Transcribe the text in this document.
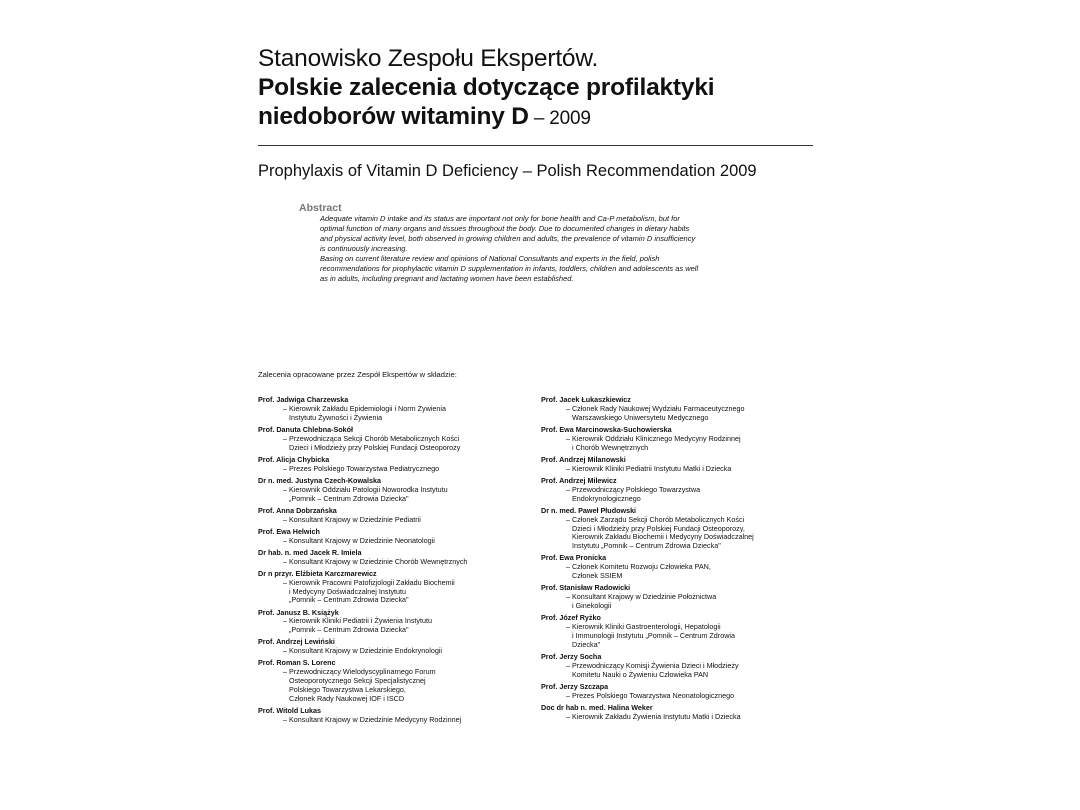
Stanowisko Zespołu Ekspertów.
Polskie zalecenia dotyczące profilaktyki
niedoborów witaminy D – 2009
Prophylaxis of Vitamin D Deficiency – Polish Recommendation 2009
Abstract

Adequate vitamin D intake and its status are important not only for bone health and Ca-P metabolism, but for

optimal function of many organs and tissues throughout the body. Due to documented changes in dietary habits

and physical activity level, both observed in growing children and adults, the prevalence of vitamin D insufficiency

is continuously increasing.

Basing on current literature review and opinions of National Consultants and experts in the field, polish

recommendations for prophylactic vitamin D supplementation in infants, toddlers, children and adolescents as well

as in adults, including pregnant and lactating women have been established.

Zalecenia opracowane przez Zespół Ekspertów w składzie:
Prof. Jadwiga Charzewska
– Kierownik Zakładu Epidemiologii i Norm Żywienia
Instytutu Żywności i Żywienia
Prof. Danuta Chlebna-Sokół
– Przewodnicząca Sekcji Chorób Metabolicznych Kości
Dzieci i Młodzieży przy Polskiej Fundacji Osteoporozy
Prof. Alicja Chybicka
– Prezes Polskiego Towarzystwa Pediatrycznego
Dr n. med. Justyna Czech-Kowalska
– Kierownik Oddziału Patologii Noworodka Instytutu
„Pomnik – Centrum Zdrowia Dziecka"
Prof. Anna Dobrzańska
– Konsultant Krajowy w Dziedzinie Pediatrii
Prof. Ewa Helwich
– Konsultant Krajowy w Dziedzinie Neonatologii
Dr hab. n. med Jacek R. Imiela
– Konsultant Krajowy w Dziedzinie Chorób Wewnętrznych
Dr n przyr. Elżbieta Karczmarewicz
– Kierownik Pracowni Patofizjologii Zakładu Biochemii
i Medycyny Doświadczalnej Instytutu
„Pomnik – Centrum Zdrowia Dziecka"
Prof. Janusz B. Książyk
– Kierownik Kliniki Pediatrii i Żywienia Instytutu
„Pomnik – Centrum Zdrowia Dziecka"
Prof. Andrzej Lewiński
– Konsultant Krajowy w Dziedzinie Endokrynologii
Prof. Roman S. Lorenc
– Przewodniczący Wielodyscyplinarnego Forum
Osteoporotycznego Sekcji Specjalistycznej
Polskiego Towarzystwa Lekarskiego,
Członek Rady Naukowej IOF i ISCD
Prof. Witold Lukas
– Konsultant Krajowy w Dziedzinie Medycyny Rodzinnej
Prof. Jacek Łukaszkiewicz
– Członek Rady Naukowej Wydziału Farmaceutycznego
Warszawskiego Uniwersytetu Medycznego
Prof. Ewa Marcinowska-Suchowierska
– Kierownik Oddziału Klinicznego Medycyny Rodzinnej
i Chorób Wewnętrznych
Prof. Andrzej Milanowski
– Kierownik Kliniki Pediatrii Instytutu Matki i Dziecka
Prof. Andrzej Milewicz
– Przewodniczący Polskiego Towarzystwa
Endokrynologicznego
Dr n. med. Paweł Płudowski
– Członek Zarządu Sekcji Chorób Metabolicznych Kości
Dzieci i Młodzieży przy Polskiej Fundacji Osteoporozy,
Kierownik Zakładu Biochemii i Medycyny Doświadczalnej
Instytutu „Pomnik – Centrum Zdrowia Dziecka"
Prof. Ewa Pronicka
– Członek Komitetu Rozwoju Człowieka PAN,
Członek SSIEM
Prof. Stanisław Radowicki
– Konsultant Krajowy w Dziedzinie Położnictwa
i Ginekologii
Prof. Józef Ryżko
– Kierownik Kliniki Gastroenterologii, Hepatologii
i Immunologii Instytutu „Pomnik – Centrum Zdrowia
Dziecka"
Prof. Jerzy Socha
– Przewodniczący Komisji Żywienia Dzieci i Młodzieży
Komitetu Nauki o Żywieniu Człowieka PAN
Prof. Jerzy Szczapa
– Prezes Polskiego Towarzystwa Neonatologicznego
Doc dr hab n. med. Halina Weker
– Kierownik Zakładu Żywienia Instytutu Matki i Dziecka
